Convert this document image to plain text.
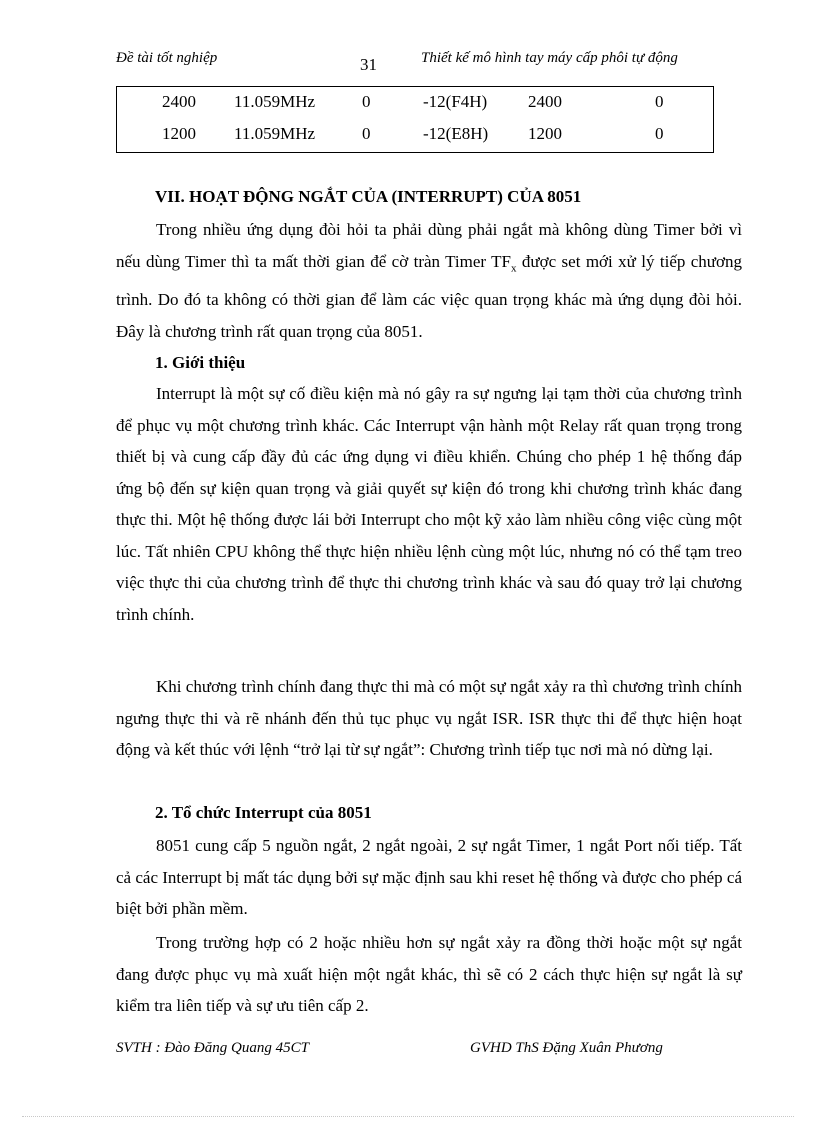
Đề tài tốt nghiệp	31	Thiết kế mô hình tay máy cấp phôi tự động
2400 11.059MHz	0	-12(F4H) 2400	0
1200 11.059MHz	0	-12(E8H) 1200	0
VII. HOẠT ĐỘNG NGẮT CỦA (INTERRUPT) CỦA 8051

Trong nhiều ứng dụng đòi hỏi ta phải dùng phải ngắt mà không dùng Timer bởi vì nếu dùng Timer thì ta mất thời gian để cờ tràn Timer $TF_x$ được set mới xử lý tiếp chương trình. Do đó ta không có thời gian để làm các việc quan trọng khác mà ứng dụng đòi hỏi. Đây là chương trình rất quan trọng của 8051.

1. Giới thiệu

Interrupt là một sự cố điều kiện mà nó gây ra sự ngưng lại tạm thời của chương trình để phục vụ một chương trình khác. Các Interrupt vận hành một Relay rất quan trọng trong thiết bị và cung cấp đầy đủ các ứng dụng vi điều khiển. Chúng cho phép 1 hệ thống đáp ứng bộ đến sự kiện quan trọng và giải quyết sự kiện đó trong khi chương trình khác đang thực thi. Một hệ thống được lái bởi Interrupt cho một kỹ xảo làm nhiều công việc cùng một lúc. Tất nhiên CPU không thể thực hiện nhiều lệnh cùng một lúc, nhưng nó có thể tạm treo việc thực thi của chương trình để thực thi chương trình khác và sau đó quay trở lại chương trình chính.

Khi chương trình chính đang thực thi mà có một sự ngắt xảy ra thì chương trình chính ngưng thực thi và rẽ nhánh đến thủ tục phục vụ ngắt ISR. ISR thực thi để thực hiện hoạt động và kết thúc với lệnh “trở lại từ sự ngắt”: Chương trình tiếp tục nơi mà nó dừng lại.

2. Tổ chức Interrupt của 8051

8051 cung cấp 5 nguồn ngắt, 2 ngắt ngoài, 2 sự ngắt Timer, 1 ngắt Port nối tiếp. Tất cả các Interrupt bị mất tác dụng bởi sự mặc định sau khi reset hệ thống và được cho phép cá biệt bởi phần mềm.

Trong trường hợp có 2 hoặc nhiều hơn sự ngắt xảy ra đồng thời hoặc một sự ngắt đang được phục vụ mà xuất hiện một ngắt khác, thì sẽ có 2 cách thực hiện sự ngắt là sự kiểm tra liên tiếp và sự ưu tiên cấp 2.

SVTH : Đào Đăng Quang 45CT	GVHD ThS Đặng Xuân Phương
